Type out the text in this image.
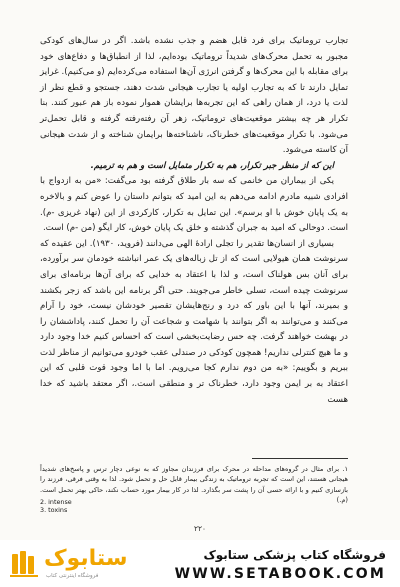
تجارب تروماتیک برای فرد قابل هضم و جذب نشده باشد. اگر در سال‌های کودکی مجبور به تحمل محرک‌های شدیداً تروماتیک بوده‌ایم، لذا از انطباق‌ها و دفاع‌های خود برای مقابله با این محرک‌ها و گرفتن انرژی آن‌ها استفاده می‌کرده‌ایم (و می‌کنیم). غرایز تمایل دارند تا که به تجارب اولیه یا تجارب هیجانی شدت دهند، جستجو و قطع نظر از لذت یا درد، از همان راهی که این تجربه‌ها برایشان هموار نموده باز هم عبور کنند. بنا تکرار هر چه بیشتر موقعیت‌های تروماتیک، زهر آن رفته‌رفته گرفته و قابل تحمل‌تر می‌شود. با تکرار موقعیت‌های خطرناک، ناشناخته‌ها برایمان شناخته و از شدت هیجانی آن کاسته می‌شود.

این که از منظر جبر تکرار، هم به تکرار متمایل است و هم به ترمیم.

یکی از بیماران من خانمی که سه بار طلاق گرفته بود می‌گفت: «من به ازدواج با افرادی شبیه مادرم ادامه می‌دهم به این امید که بتوانم داستان را عوض کنم و بالاخره به یک پایان خوش با او برسم». این تمایل به تکرار، کارکردی از این (نهاد غریزی -م). است. دوحالی که امید به جبران گذشته و خلق یک پایان خوش، کار ایگو (من -م) است.

بسیاری از انسان‌ها تقدیر را تجلی ارادهٔ الهی می‌دانند (فروید، ۱۹۳۰). این عقیده که سرنوشت همان هیولایی است که از تل زباله‌های یک عمر انباشته خودمان سر برآورده، برای آنان بس هولناک است، و لذا با اعتقاد به خدایی که برای آن‌ها برنامه‌ای برای سرنوشت چیده است، تسلی خاطر می‌جویند. حتی اگر برنامه این باشد که زجر بکشند و بمیرند، آنها با این باور که درد و رنج‌هایشان تقصیر خودشان نیست، خود را آرام می‌کنند و می‌توانند به اگر بتوانند با شهامت و شجاعت آن را تحمل کنند، پاداششان را در بهشت خواهند گرفت. چه حس رضایت‌بخشی است که احساس کنیم خدا وجود دارد و ما هیچ کنترلی نداریم! همچون کودکی در صندلی عقب خودرو می‌توانیم از مناظر لذت ببریم و بگوییم: «به من دوم ندارم کجا می‌رویم. اما با اما وجود قوت قلبی که این اعتقاد به بر ایمن وجود دارد، خطرناک تر و منطقی است.، اگر معتقد باشید که خدا هست

۱. برای مثال در گروه‌های مداحله در محرک برای فرزندان مجاوز که به نوعی دچار ترس و پاسخ‌های شدیداً هیجانی هستند، این است که تجربه تروماتیک به زندگی بیمار قابل حل و تحمل شود. لذا به وقتی فرقی، فرزند را بازسازی کنیم و با ارائه حسی آن را پشت سر بگذارد. لذا در کار بیمار مورد حساب نکند، حاکی بهتر تحمل است. (م.)
2. intense
3. toxins
۲۲۰
ستابوک
فروشگاه اینترنتی کتاب
فروشگاه کتاب پزشکی ستابوک
WWW.SETABOOK.COM
